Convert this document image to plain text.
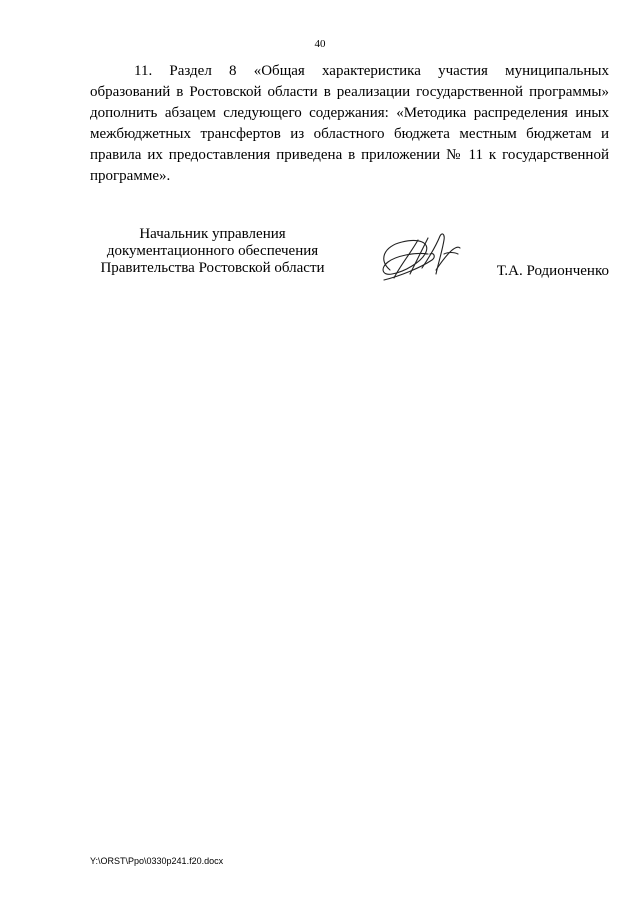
40

11. Раздел 8 «Общая характеристика участия муниципальных образований в Ростовской области в реализации государственной программы» дополнить абзацем следующего содержания: «Методика распределения иных межбюджетных трансфертов из областного бюджета местным бюджетам и правила их предоставления приведена в приложении № 11 к государственной программе».

Начальник управления
документационного обеспечения
Правительства Ростовской области	Т.А. Родионченко
Y:\ORST\Ppo\0330p241.f20.docx
